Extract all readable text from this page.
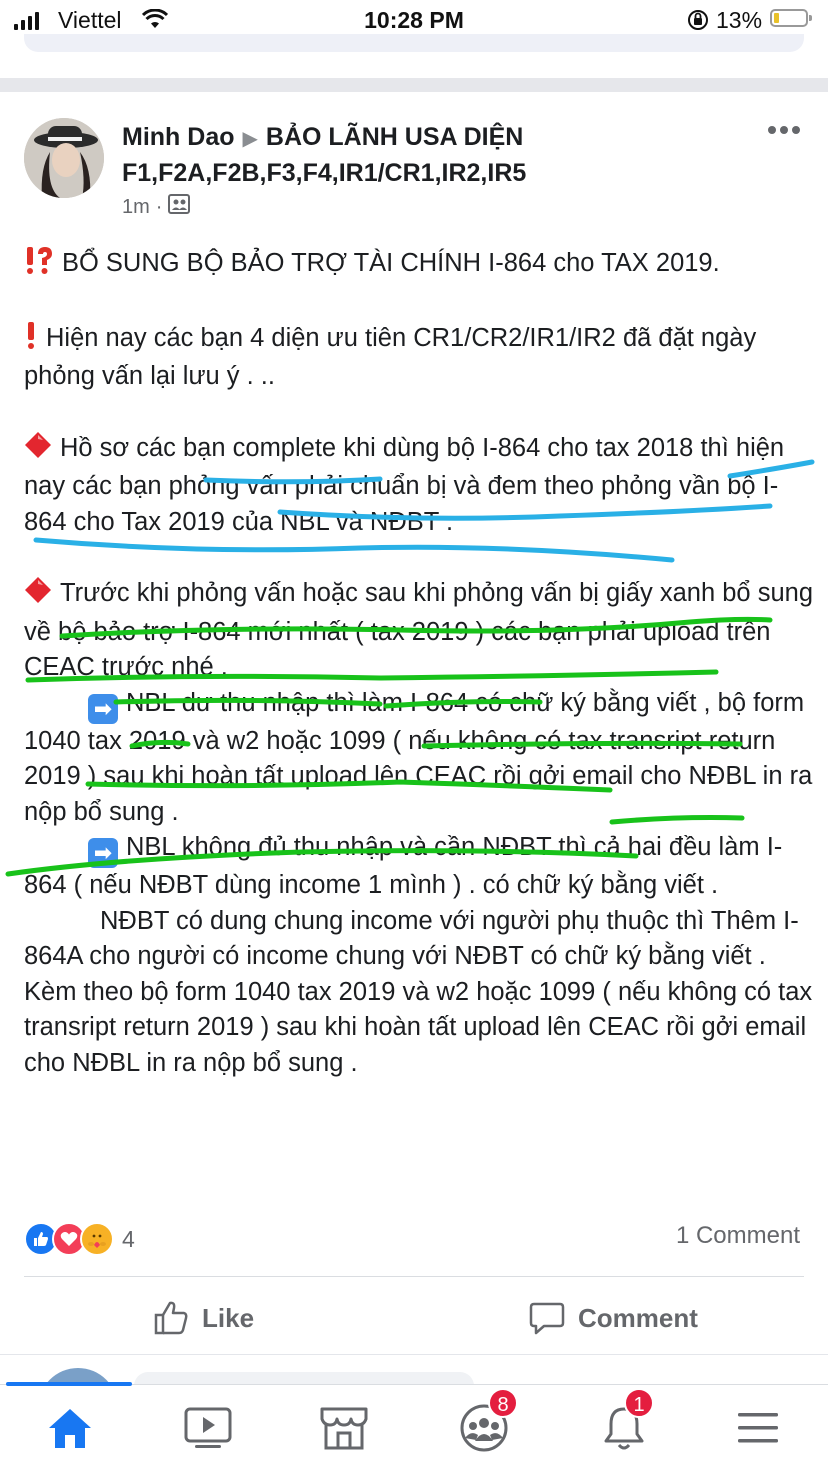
Viettel	10:28 PM	13%
Minh Dao ▶ BẢO LÃNH USA DIỆN F1,F2A,F2B,F3,F4,IR1/CR1,IR2,IR5
1m ·

BỔ SUNG BỘ BẢO TRỢ TÀI CHÍNH I-864 cho TAX 2019.

Hiện nay các bạn 4 diện ưu tiên CR1/CR2/IR1/IR2 đã đặt ngày phỏng vấn lại lưu ý . ..

Hồ sơ các bạn complete khi dùng bộ I-864 cho tax 2018 thì hiện nay các bạn phỏng vấn phải chuẩn bị và đem theo phỏng vần bộ I-864 cho Tax 2019 của NBL và NĐBT .

Trước khi phỏng vấn hoặc sau khi phỏng vấn bị giấy xanh bổ sung về bộ bảo trợ I-864 mới nhất ( tax 2019 ) các bạn phải upload trên CEAC trước nhé .

➡ NBL dư thu nhập thì làm I-864 có chữ ký bằng viết , bộ form 1040 tax 2019 và w2 hoặc 1099 ( nếu không có tax transript return 2019 ) sau khi hoàn tất upload lên CEAC rồi gởi email cho NĐBL in ra nộp bổ sung .

➡ NBL không đủ thu nhập và cần NĐBT thì cả hai đều làm I-864 ( nếu NĐBT dùng income 1 mình ) . có chữ ký bằng viết .

NĐBT có dung chung income với người phụ thuộc thì Thêm I-864A cho người có income chung với NĐBT có chữ ký bằng viết . Kèm theo bộ form 1040 tax 2019 và w2 hoặc 1099 ( nếu không có tax transript return 2019 ) sau khi hoàn tất upload lên CEAC rồi gởi email cho NĐBL in ra nộp bổ sung .

4	1 Comment
Like	Comment
8	1
